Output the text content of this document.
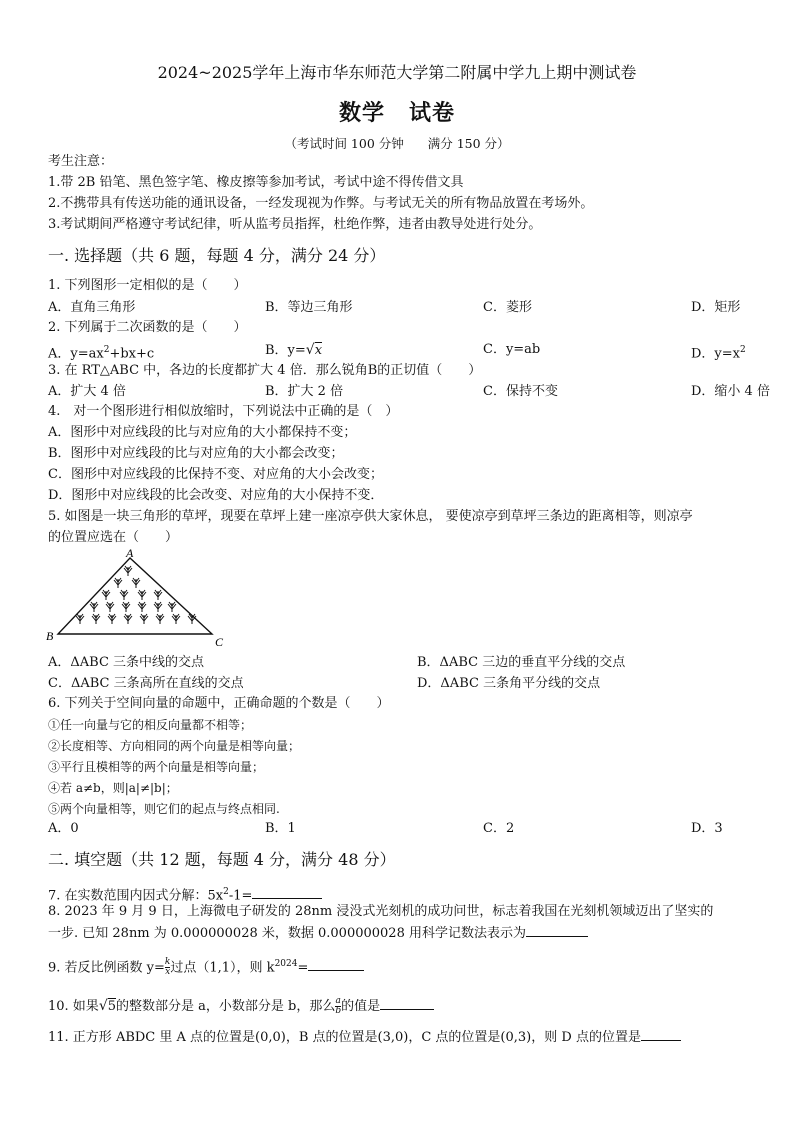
2024~2025学年上海市华东师范大学第二附属中学九上期中测试卷
数学 试卷
（考试时间 100 分钟 满分 150 分）
考生注意：
1.带 2B 铅笔、黑色签字笔、橡皮擦等参加考试，考试中途不得传借文具
2.不携带具有传送功能的通讯设备，一经发现视为作弊。与考试无关的所有物品放置在考场外。
3.考试期间严格遵守考试纪律，听从监考员指挥，杜绝作弊，违者由教导处进行处分。
一. 选择题（共 6 题，每题 4 分，满分 24 分）
1. 下列图形一定相似的是（　　）
A．直角三角形	B．等边三角形	C．菱形	D．矩形
2. 下列属于二次函数的是（　　）
A．$y=ax^2+bx+c$	B．y=√x	C．y=ab	D．$y=x^2$
3. 在 RT△ABC 中，各边的长度都扩大 4 倍．那么锐角B的正切值（　　）
A．扩大 4 倍	B．扩大 2 倍	C．保持不变	D．缩小 4 倍
4.　对一个图形进行相似放缩时，下列说法中正确的是（　）
A．图形中对应线段的比与对应角的大小都保持不变；
B．图形中对应线段的比与对应角的大小都会改变；
C．图形中对应线段的比保持不变、对应角的大小会改变；
D．图形中对应线段的比会改变、对应角的大小保持不变．
5. 如图是一块三角形的草坪，现要在草坪上建一座凉亭供大家休息， 要使凉亭到草坪三条边的距离相等，则凉亭
的位置应选在（　　）
A
B	C
A．ΔABC 三条中线的交点	B．ΔABC 三边的垂直平分线的交点
C．ΔABC 三条高所在直线的交点	D．ΔABC 三条角平分线的交点
6. 下列关于空间向量的命题中，正确命题的个数是（　　）
①任一向量与它的相反向量都不相等；
②长度相等、方向相同的两个向量是相等向量；
③平行且模相等的两个向量是相等向量；
④若 a≠b，则|a|≠|b|；
⑤两个向量相等，则它们的起点与终点相同.
A．0	B．1	C．2	D．3
二. 填空题（共 12 题，每题 4 分，满分 48 分）
7. 在实数范围内因式分解：$5x^2-1=$
8. 2023 年 9 月 9 日，上海微电子研发的 28nm 浸没式光刻机的成功问世，标志着我国在光刻机领域迈出了坚实的
一步. 已知 28nm 为 0.000000028 米，数据 0.000000028 用科学记数法表示为
9. 若反比例函数 $y= \frac{k}{x}$ 过点（1,1），则 $k^{2024}=$
10. 如果√5的整数部分是 a，小数部分是 b，那么 $\frac{a}{b}$ 的值是
11. 正方形 ABDC 里 A 点的位置是(0,0)，B 点的位置是(3,0)，C 点的位置是(0,3)，则 D 点的位置是
